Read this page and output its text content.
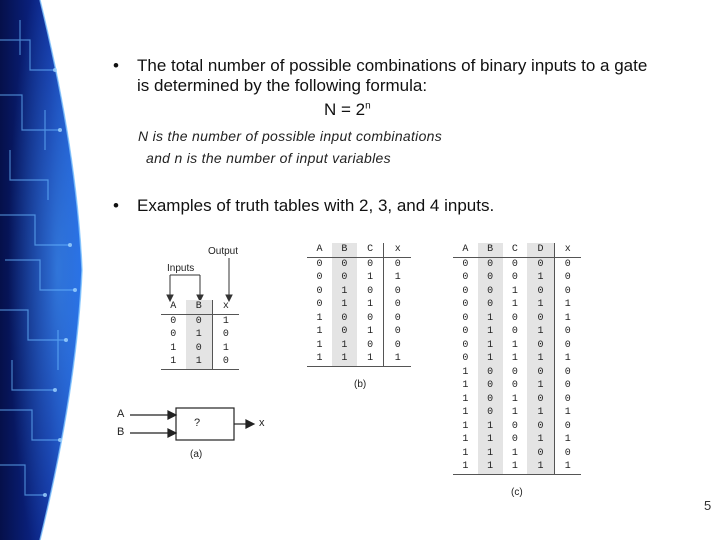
• The total number of possible combinations of binary inputs to a gate
is determined by the following formula:
$N = 2^n$
N is the number of possible input combinations
and n is the number of input variables
• Examples of truth tables with 2, 3, and 4 inputs.
Output
Inputs
A	B	x
0	0	1
0	1	0
1	0	1
1	1	0
A
B
?	x
(a)
A	B	C	x
0	0	0	0
0	0	1	1
0	1	0	0
0	1	1	0
1	0	0	0
1	0	1	0
1	1	0	0
1	1	1	1
(b)
A	B	C	D	x
0	0	0	0	0
0	0	0	1	0
0	0	1	0	0
0	0	1	1	1
0	1	0	0	1
0	1	0	1	0
0	1	1	0	0
0	1	1	1	1
1	0	0	0	0
1	0	0	1	0
1	0	1	0	0
1	0	1	1	1
1	1	0	0	0
1	1	0	1	1
1	1	1	0	0
1	1	1	1	1
(c)
5
